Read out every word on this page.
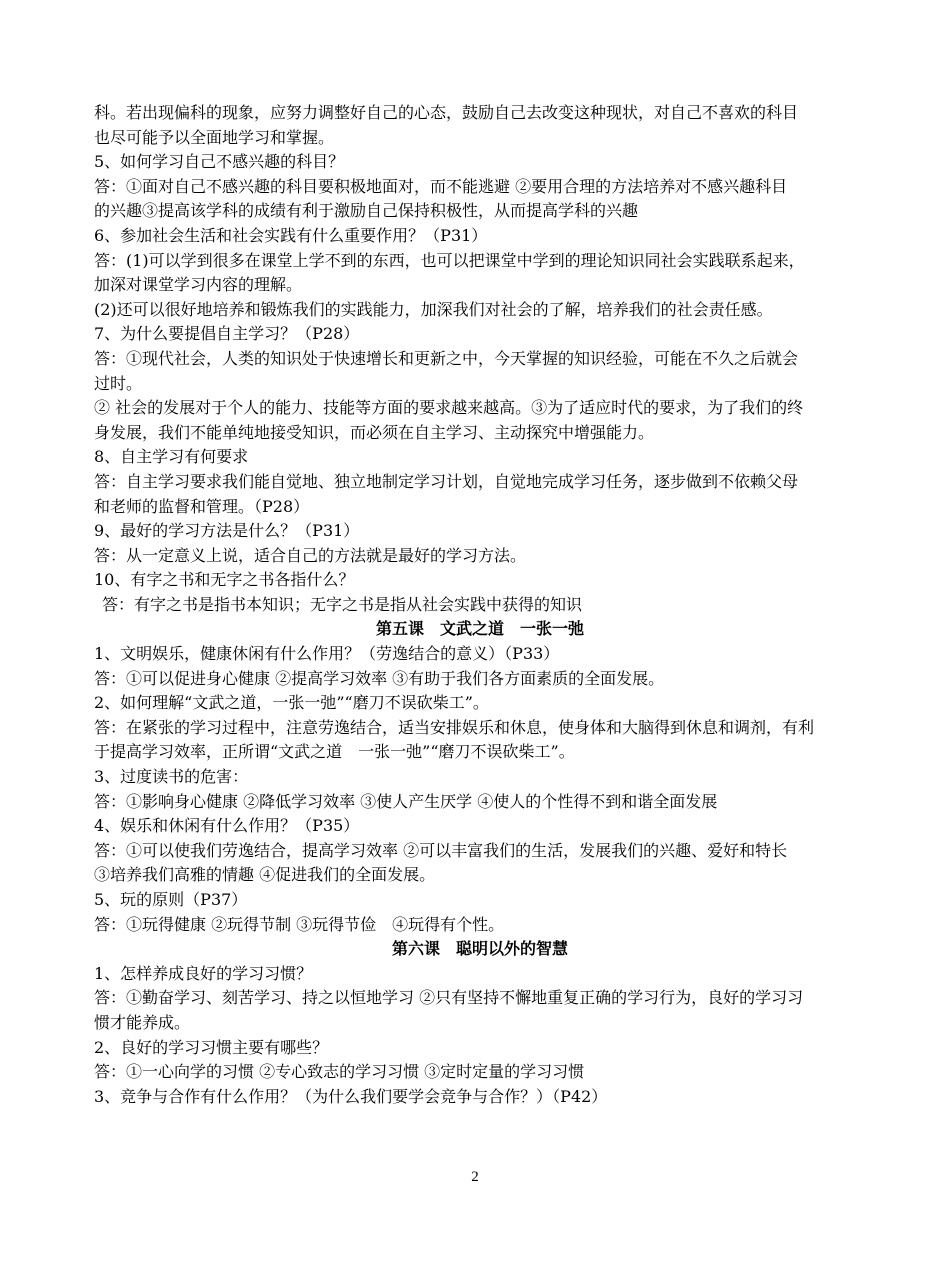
科。若出现偏科的现象，应努力调整好自己的心态，鼓励自己去改变这种现状，对自己不喜欢的科目
也尽可能予以全面地学习和掌握。
5、如何学习自己不感兴趣的科目？
答：①面对自己不感兴趣的科目要积极地面对，而不能逃避 ②要用合理的方法培养对不感兴趣科目
的兴趣③提高该学科的成绩有利于激励自己保持积极性，从而提高学科的兴趣
6、参加社会生活和社会实践有什么重要作用？（P31）
答：(1)可以学到很多在课堂上学不到的东西，也可以把课堂中学到的理论知识同社会实践联系起来，
加深对课堂学习内容的理解。
(2)还可以很好地培养和锻炼我们的实践能力，加深我们对社会的了解，培养我们的社会责任感。
7、为什么要提倡自主学习？（P28）
答：①现代社会，人类的知识处于快速增长和更新之中，今天掌握的知识经验，可能在不久之后就会
过时。
② 社会的发展对于个人的能力、技能等方面的要求越来越高。③为了适应时代的要求，为了我们的终
身发展，我们不能单纯地接受知识，而必须在自主学习、主动探究中增强能力。
8、自主学习有何要求
答：自主学习要求我们能自觉地、独立地制定学习计划，自觉地完成学习任务，逐步做到不依赖父母
和老师的监督和管理。（P28）
9、最好的学习方法是什么？（P31）
答：从一定意义上说，适合自己的方法就是最好的学习方法。
10、有字之书和无字之书各指什么？
答：有字之书是指书本知识；无字之书是指从社会实践中获得的知识
第五课　文武之道　一张一弛
1、文明娱乐，健康休闲有什么作用？（劳逸结合的意义）（P33）
答：①可以促进身心健康 ②提高学习效率 ③有助于我们各方面素质的全面发展。
2、如何理解“文武之道，一张一弛”“磨刀不误砍柴工”。
答：在紧张的学习过程中，注意劳逸结合，适当安排娱乐和休息，使身体和大脑得到休息和调剂，有利
于提高学习效率，正所谓“文武之道　一张一弛”“磨刀不误砍柴工”。
3、过度读书的危害：
答：①影响身心健康 ②降低学习效率 ③使人产生厌学 ④使人的个性得不到和谐全面发展
4、娱乐和休闲有什么作用？（P35）
答：①可以使我们劳逸结合，提高学习效率 ②可以丰富我们的生活，发展我们的兴趣、爱好和特长
③培养我们高雅的情趣 ④促进我们的全面发展。
5、玩的原则（P37）
答：①玩得健康 ②玩得节制 ③玩得节俭　④玩得有个性。
第六课　聪明以外的智慧
1、怎样养成良好的学习习惯？
答：①勤奋学习、刻苦学习、持之以恒地学习 ②只有坚持不懈地重复正确的学习行为，良好的学习习
惯才能养成。
2、良好的学习习惯主要有哪些？
答：①一心向学的习惯 ②专心致志的学习习惯 ③定时定量的学习习惯
3、竞争与合作有什么作用？（为什么我们要学会竞争与合作？）（P42）
2
